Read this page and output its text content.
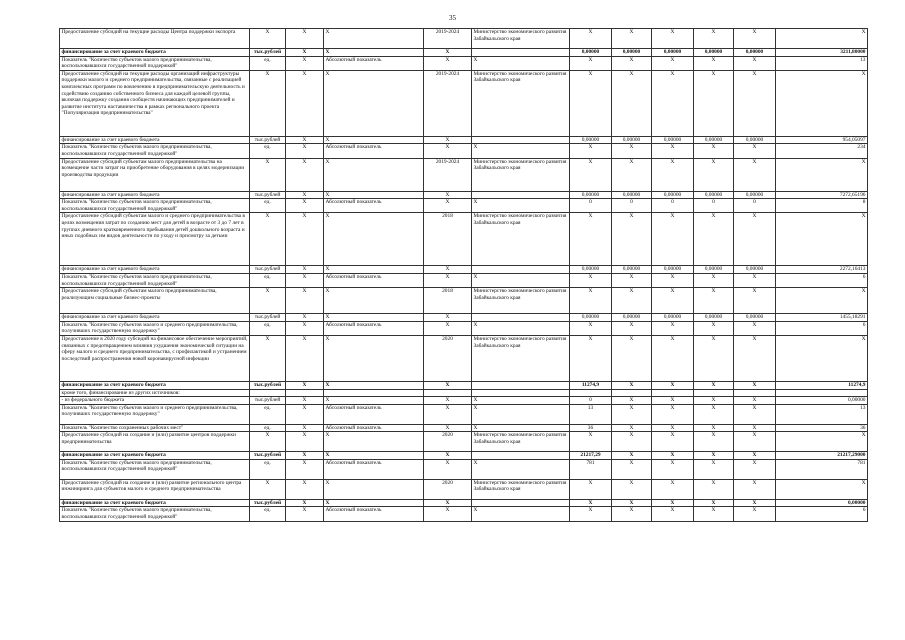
35
Предоставление субсидий на текущие расходы Центра поддержки экспорта	X	X	X	2019-2024	Министерство экономического развития Забайкальского края	X	X	X	X	X	X
финансирование за счет краевого бюджета	тыс.рублей	X	X	X		0,00000	0,00000	0,00000	0,00000	0,00000	3211,80000
Показатель "Количество субъектов малого предпринимательства, воспользовавшихся государственной поддержкой"	ед.	X	Абсолютный показатель	X	X	X	X	X	X	X	13
Предоставление субсидий на текущие расходы организаций инфраструктуры поддержки малого и среднего предпринимательства, связанные с реализацией комплексных программ по вовлечению в предпринимательскую деятельность и содействию созданию собственного бизнеса для каждой целевой группы, включая поддержку создания сообществ начинающих предпринимателей и развитие института наставничества в рамках регионального проекта "Популяризация предпринимательства"	X	X	X	2019-2024	Министерство экономического развития Забайкальского края	X	X	X	X	X	X
финансирование за счет краевого бюджета	тыс.рублей	X	X	X		0,00000	0,00000	0,00000	0,00000	0,00000	954,05097
Показатель "Количество субъектов малого предпринимательства, воспользовавшихся государственной поддержкой"	ед.	X	Абсолютный показатель	X	X	X	X	X	X	X	234
Предоставление субсидий субъектам малого предпринимательства на возмещение части затрат на приобретение оборудования в целях модернизации производства продукции	X	X	X	2019-2024	Министерство экономического развития Забайкальского края	X	X	X	X	X	X
финансирование за счет краевого бюджета	тыс.рублей	X	X	X		0,00000	0,00000	0,00000	0,00000	0,00000	7272,65196
Показатель "Количество субъектов малого предпринимательства, воспользовавшихся государственной поддержкой"	ед.	X	Абсолютный показатель	X	X	0	0	0	0	0	8
Предоставление субсидий субъектам малого и среднего предпринимательства в целях возмещения затрат по созданию мест для детей в возрасте от 3 до 7 лет в группах дневного кратковременного пребывания детей дошкольного возраста и иных подобных им видов деятельности по уходу и присмотру за детьми	X	X	X	2018	Министерство экономического развития Забайкальского края	X	X	X	X	X	X
финансирование за счет краевого бюджета	тыс.рублей	X	X	X		0,00000	0,00000	0,00000	0,00000	0,00000	2272,16413
Показатель "Количество субъектов малого предпринимательства, воспользовавшихся государственной поддержкой"	ед.	X	Абсолютный показатель	X	X	X	X	X	X	X	6
Предоставление субсидий субъектам малого предпринимательства, реализующим социальные бизнес-проекты	X	X	X	2018	Министерство экономического развития Забайкальского края	X	X	X	X	X	X
финансирование за счет краевого бюджета	тыс.рублей	X	X	X		0,00000	0,00000	0,00000	0,00000	0,00000	1455,18291
Показатель "Количество субъектов малого и среднего предпринимательства, получивших государственную поддержку"	ед.	X	Абсолютный показатель	X	X	X	X	X	X	X	6
Предоставление в 2020 году субсидий на финансовое обеспечение мероприятий, связанных с предотвращением влияния ухудшения экономической ситуации на сферу малого и среднего предпринимательства, с профилактикой и устранением последствий распространения новой коронавирусной инфекции	X	X	X	2020	Министерство экономического развития Забайкальского края	X	X	X	X	X	X
финансирование за счет краевого бюджета	тыс.рублей	X	X	X		11274,9	X	X	X	X	11274,9
кроме того, финансирование из других источников:											
- из федерального бюджета	тыс.рублей	X	X	X	X	0	X	X	X	X	0,00000
Показатель "Количество субъектов малого и среднего предпринимательства, получивших государственную поддержку"	ед.	X	Абсолютный показатель	X	X	13	X	X	X	X	13
Показатель "Количество сохраненных рабочих мест"	ед.	X	Абсолютный показатель	X	X	36	X	X	X	X	36
Предоставление субсидий на создание и (или) развитие центров поддержки предпринимательства	X	X	X	2020	Министерство экономического развития Забайкальского края	X	X	X	X	X	X
финансирование за счет краевого бюджета	тыс.рублей	X	X	X		21217,29	X	X	X	X	21217,29000
Показатель "Количество субъектов малого предпринимательства, воспользовавшихся государственной поддержкой"	ед.	X	Абсолютный показатель	X	X	781	X	X	X	X	781
Предоставление субсидий на создание и (или) развитие регионального центра инжиниринга для субъектов малого и среднего предпринимательства	X	X	X	2020	Министерство экономического развития Забайкальского края	X	X	X	X	X	X
финансирование за счет краевого бюджета	тыс.рублей	X	X	X		X	X	X	X	X	0,00000
Показатель "Количество субъектов малого предпринимательства, воспользовавшихся государственной поддержкой"	ед.	X	Абсолютный показатель	X	X	X	X	X	X	X	6
